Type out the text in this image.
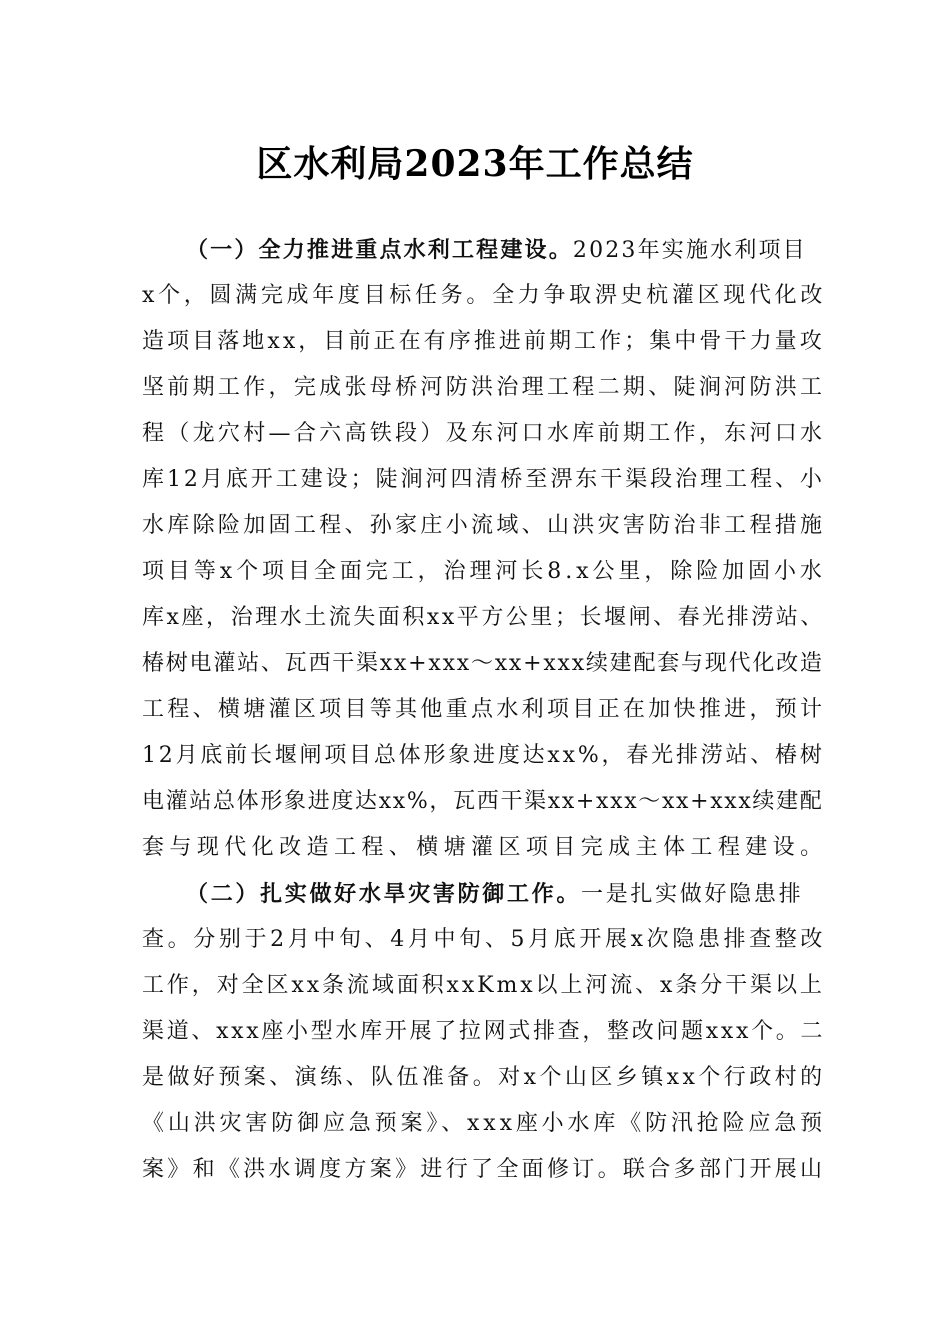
区水利局2023年工作总结
（一）全力推进重点水利工程建设。2023年实施水利项目
x个，圆满完成年度目标任务。全力争取淠史杭灌区现代化改
造项目落地xx，目前正在有序推进前期工作；集中骨干力量攻
坚前期工作，完成张母桥河防洪治理工程二期、陡涧河防洪工
程（龙穴村—合六高铁段）及东河口水库前期工作，东河口水
库12月底开工建设；陡涧河四清桥至淠东干渠段治理工程、小
水库除险加固工程、孙家庄小流域、山洪灾害防治非工程措施
项目等x个项目全面完工，治理河长8.x公里，除险加固小水
库x座，治理水土流失面积xx平方公里；长堰闸、春光排涝站、
椿树电灌站、瓦西干渠xx+xxx～xx+xxx续建配套与现代化改造
工程、横塘灌区项目等其他重点水利项目正在加快推进，预计
12月底前长堰闸项目总体形象进度达xx%，春光排涝站、椿树
电灌站总体形象进度达xx%，瓦西干渠xx+xxx～xx+xxx续建配
套与现代化改造工程、横塘灌区项目完成主体工程建设。
（二）扎实做好水旱灾害防御工作。一是扎实做好隐患排
查。分别于2月中旬、4月中旬、5月底开展x次隐患排查整改
工作，对全区xx条流域面积xxKmx以上河流、x条分干渠以上
渠道、xxx座小型水库开展了拉网式排查，整改问题xxx个。二
是做好预案、演练、队伍准备。对x个山区乡镇xx个行政村的
《山洪灾害防御应急预案》、xxx座小水库《防汛抢险应急预
案》和《洪水调度方案》进行了全面修订。联合多部门开展山
